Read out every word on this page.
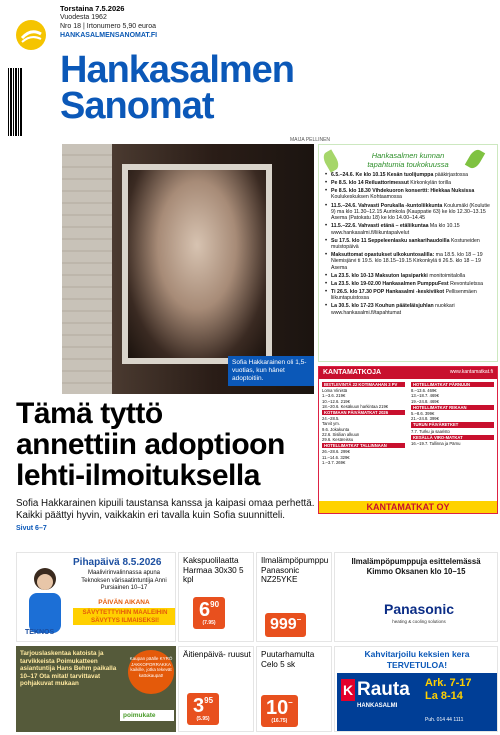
Torstaina 7.5.2026
Vuodesta 1962
Nro 18 | Irtonumero 5,90 euroa
HANKASALMENSANOMAT.FI
Hankasalmen
Sanomat
MAIJA PELLINEN
Sofia Hakkarainen oli 1,5-vuotias, kun hänet adoptoitiin.
Hankasalmen kunnan
tapahtumia toukokuussa
• 6.5.–24.6. Ke klo 10.15 Kesän tuolijumppa pääkirjastossa
• Pe 8.5. klo 14 Reiluattorimessut Kirkonkylän torilla
• Pe 8.5. klo 18.30 Vihdekuoron konsertti: Hiekkaa Nuksissa Koulukeskuksen Kohtaamossa
• 11.5.–24.6. Vahvasti Porukalla -kuntoliikkunta Koulumäki (Koulutie 9) ma klo 11.30–12.15 Aurinkola (Kauppatie 63) ke klo 12.30–13.15 Asema (Patokatu 18) ke klo 14.00–14.45
• 11.5.–22.6. Vahvasti etänä – etäliikuntaa Ma klo 10.15 www.hankasalmi.fi/liikuntapalvelut
• Su 17.5. klo 11 Seppeleenlasku sankarihaudoilla Kostuneiden muistopäivä
• Maksuttomat opastukset ulkokuntosalilla: ma 18.5. klo 18 – 19 Niemisjärvi ti 19.5. klo 18.15–19.15 Kirkonkylä ti 26.5. klo 18 – 19 Asema
• La 23.5. klo 10-13 Maksuton lapsiparkki monitoimitalolla
• La 23.5. klo 19-02.00 Hankasalmen PumppuFest Revontuletssa
• Ti 26.5. klo 17.30 POP Hankasalmi -keskiviikot Pellisenmäen liikuntapuistossa
• La 30.5. klo 17-23 Kouhun pääteläisjuhlan nuokkari www.hankasalmi.fi/tapahtumat
KANTAMATKOJA	www.kantamatkat.fi
BISTLEVINTÄ 22 KOTIMAAHAN 3 PV
Loma Viinistä
1.–3.6. 219€
10.–12.6. 219€
18.–20.6. Kesäkuun harkintaa 219€
KOTIMAAN PÄIVÄMATKAT 2026
24.–28.5.
Tarvit ym.
9.6. Jokakunta
22.6. Sisilian alkuun
29.6. Kesäreissu
HOTELLIMATKAT TALLINNAAN
26.–28.6. 299€
11.–14.6. 329€
1.–3.7. 269€
HOTELLIMATKAT PÄRNUUN
8.–13.6. 469€
13.–18.7. 469€
19.–24.8. 469€
HOTELLIMATKAT RIIKAAN
5.–8.6. 399€
21.–24.8. 399€
TURUN PÄIVÄRETKET
7.7. Turku ja saaristo
KESÄLLÄ VIRO-MATKAT
16.–19.7. Tallinna ja Pärnu
KANTAMATKAT OY
Tämä tyttö
annettiin adoptioon
lehti-ilmoituksella
Sofia Hakkarainen kipuili taustansa kanssa ja kaipasi omaa perhettä. Kaikki päättyi hyvin, vaikkakin eri tavalla kuin Sofia suunnitteli.
Sivut 6–7
Pihapäivä 8.5.2026
Maalivirinvalinnassa apuna Teknoksen värisaatintuntija Anni Pursiainen 10–17
PÄIVÄN AIKANA
SÄVYTETTYIHIN MAALEIHIN SÄVYTYS ILMAISEKSI!
TEKNOS
Kakspuolilaatta Harmaa 30x30 5 kpl
$6^{90}$
(7.95)
Ilmalämpöpumppu Panasonic NZ25YKE
999–
Ilmalämpöpumppuja esittelemässä Kimmo Oksanen klo 10–15
Panasonic
heating & cooling solutions
Tarjouslaskentaa katoista ja tarvikkeista Poimukatteen asiantuntija Hans Behm paikalla 10–17 Ota mitat/ tarvittavat pohjakuvat mukaan
Kaupan päälle KYRÖ JAKKOPORRAKKA kaikille, jotka tekevät kattokaupat!
poimukate
Äitienpäivä- ruusut
$3^{95}$
(5.95)
Puutarhamulta Celo 5 sk
10–
(16.75)
Kahvitarjoilu keksien kera
TERVETULOA!
K Rauta
HANKASALMI
Ark. 7-17
La 8-14
Puh. 014 44 1111
